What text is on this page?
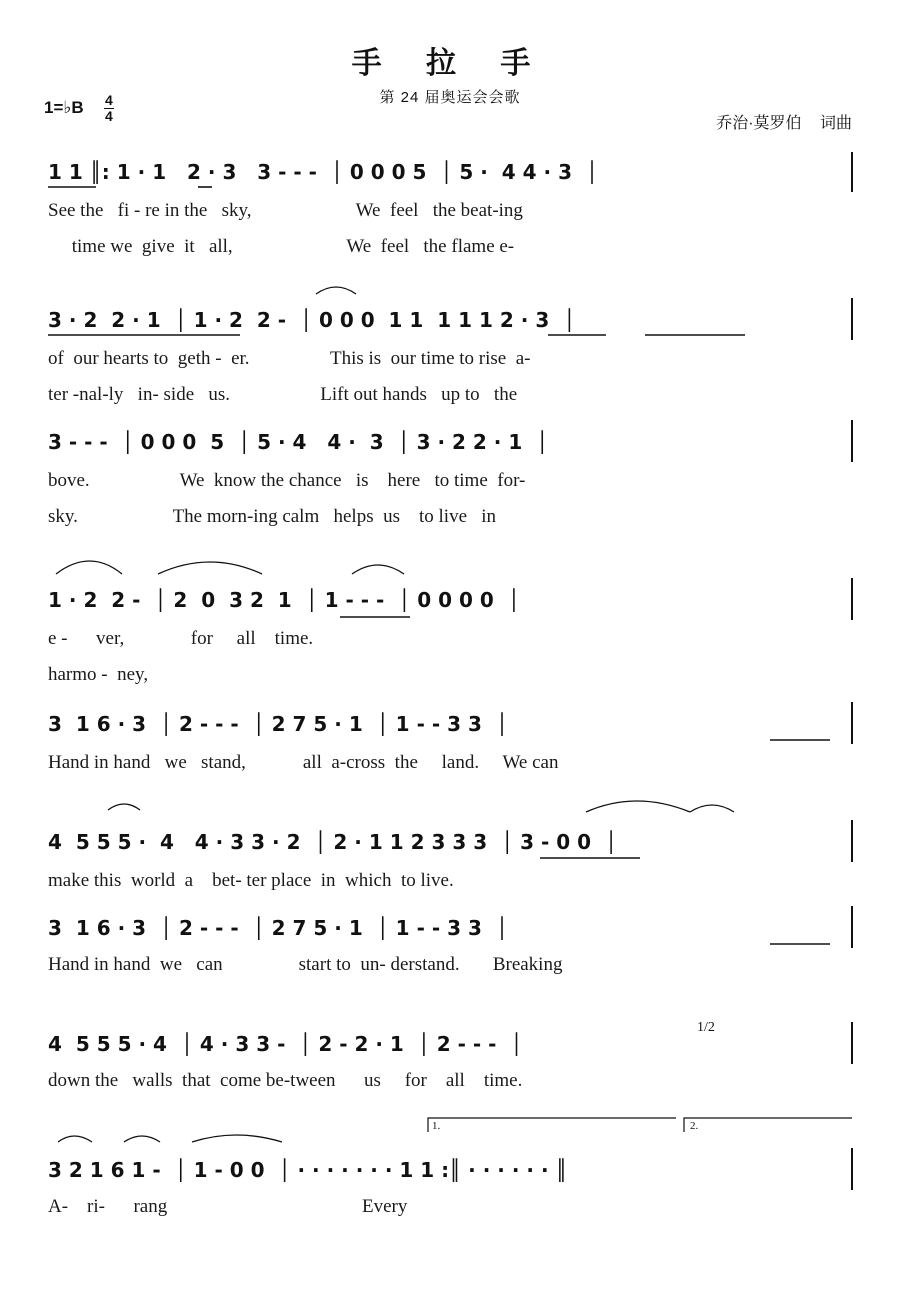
手 拉 手
第 24 届奥运会会歌
1=♭B 4
4	乔治·莫罗伯 词曲
1 1 ║: 1 · 1   2 · 3   3 - - -  │ 0 0 0 5  │ 5 ·  4 4 · 3  │
See the   fi - re in the   sky,                      We  feel   the beat-ing
time we  give  it   all,                        We  feel   the flame e-
3 · 2  2 · 1  │ 1 · 2  2 -  │ 0 0 0  1 1  1 1 1 2 · 3  │
of  our hearts to  geth -  er.                 This is  our time to rise  a-
ter -nal-ly   in- side   us.                   Lift out hands   up to   the
3 - - -  │ 0 0 0  5  │ 5 · 4   4 ·  3  │ 3 · 2 2 · 1  │
bove.                   We  know the chance   is    here   to time  for-
sky.                    The morn-ing calm   helps  us    to live   in
1 · 2  2 -  │ 2  0  3 2  1  │ 1 - - -  │ 0 0 0 0  │
e -      ver,              for     all    time.
harmo -  ney,
3  1 6 · 3  │ 2 - - -  │ 2 7 5 · 1  │ 1 - - 3 3  │
Hand in hand   we   stand,            all  a-cross  the     land.     We can
4  5 5 5 ·  4   4 · 3 3 · 2  │ 2 · 1 1 2 3 3 3  │ 3 - 0 0  │
make this  world  a    bet- ter place  in  which  to live.
3  1 6 · 3  │ 2 - - -  │ 2 7 5 · 1  │ 1 - - 3 3  │
Hand in hand  we   can                start to  un- derstand.       Breaking
4  5 5 5 · 4  │ 4 · 3 3 -  │ 2 - 2 · 1  │ 2 - - -  │
down the   walls  that  come be-tween      us     for    all    time.
3 2 1 6 1 -  │ 1 - 0 0  │ · · · · · · · 1 1 :║ · · · · · · ║
A-    ri-      rang                                         Every
1.	2.
1/2
